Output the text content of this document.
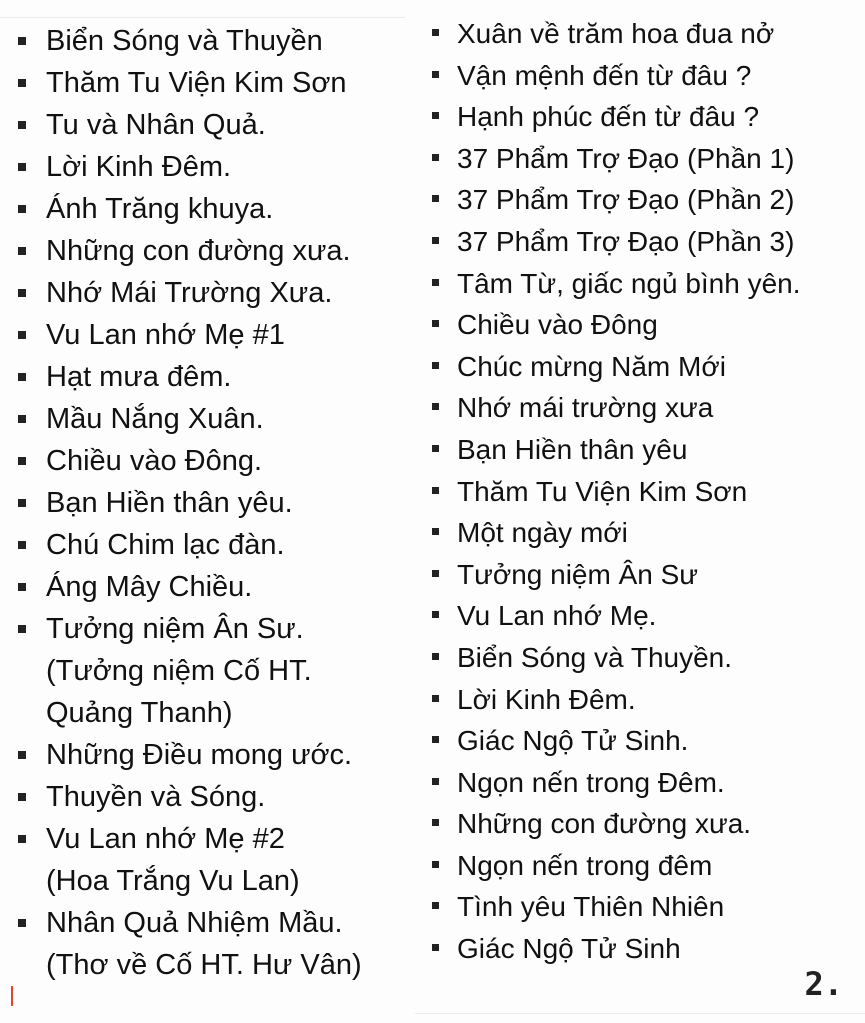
Biển Sóng và Thuyền
Thăm Tu Viện Kim Sơn
Tu và Nhân Quả.
Lời Kinh Đêm.
Ánh Trăng khuya.
Những con đường xưa.
Nhớ Mái Trường Xưa.
Vu Lan nhớ Mẹ #1
Hạt mưa đêm.
Mầu Nắng Xuân.
Chiều vào Đông.
Bạn Hiền thân yêu.
Chú Chim lạc đàn.
Áng Mây Chiều.
Tưởng niệm Ân Sư.
(Tưởng niệm Cố HT.
Quảng Thanh)
Những Điều mong ước.
Thuyền và Sóng.
Vu Lan nhớ Mẹ #2
(Hoa Trắng Vu Lan)
Nhân Quả Nhiệm Mầu.
(Thơ về Cố HT. Hư Vân)
Xuân về trăm hoa đua nở
Vận mệnh đến từ đâu ?
Hạnh phúc đến từ đâu ?
37 Phẩm Trợ Đạo (Phần 1)
37 Phẩm Trợ Đạo (Phần 2)
37 Phẩm Trợ Đạo (Phần 3)
Tâm Từ, giấc ngủ bình yên.
Chiều vào Đông
Chúc mừng Năm Mới
Nhớ mái trường xưa
Bạn Hiền thân yêu
Thăm Tu Viện Kim Sơn
Một ngày mới
Tưởng niệm Ân Sư
Vu Lan nhớ Mẹ.
Biển Sóng và Thuyền.
Lời Kinh Đêm.
Giác Ngộ Tử Sinh.
Ngọn nến trong Đêm.
Những con đường xưa.
Ngọn nến trong đêm
Tình yêu Thiên Nhiên
Giác Ngộ Tử Sinh
2.
